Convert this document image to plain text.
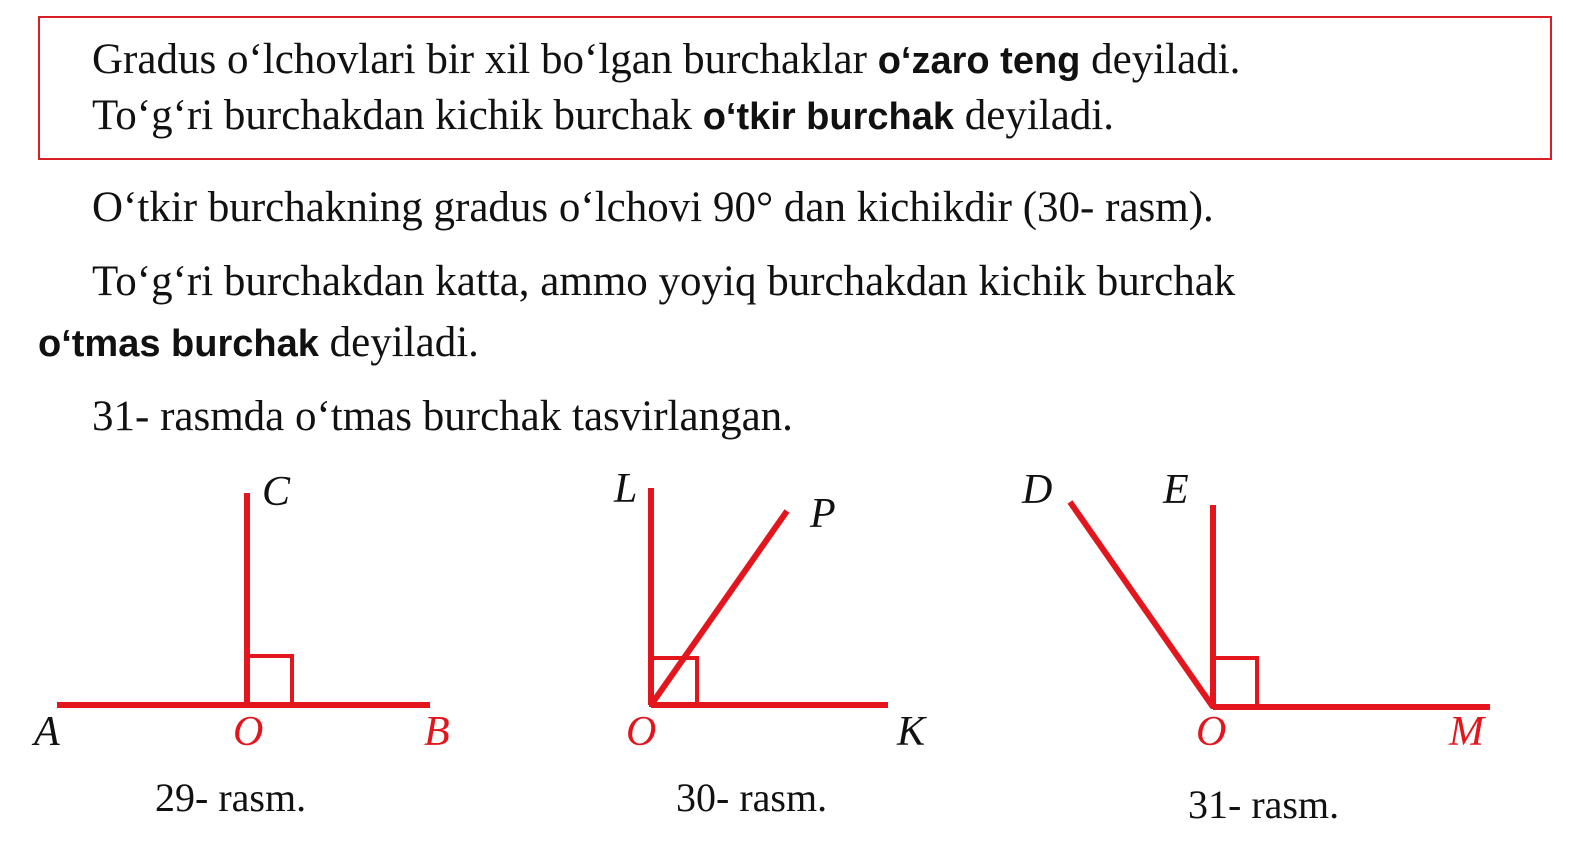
Gradus o‘lchovlari bir xil bo‘lgan burchaklar o‘zaro teng deyiladi.
To‘g‘ri burchakdan kichik burchak o‘tkir burchak deyiladi.
O‘tkir burchakning gradus o‘lchovi 90° dan kichikdir (30- rasm).
To‘g‘ri burchakdan katta, ammo yoyiq burchakdan kichik burchak
o‘tmas burchak deyiladi.
31- rasmda o‘tmas burchak tasvirlangan.
C
A	O	B
29- rasm.
L
P
O	K
30- rasm.
D	E
O	M
31- rasm.
